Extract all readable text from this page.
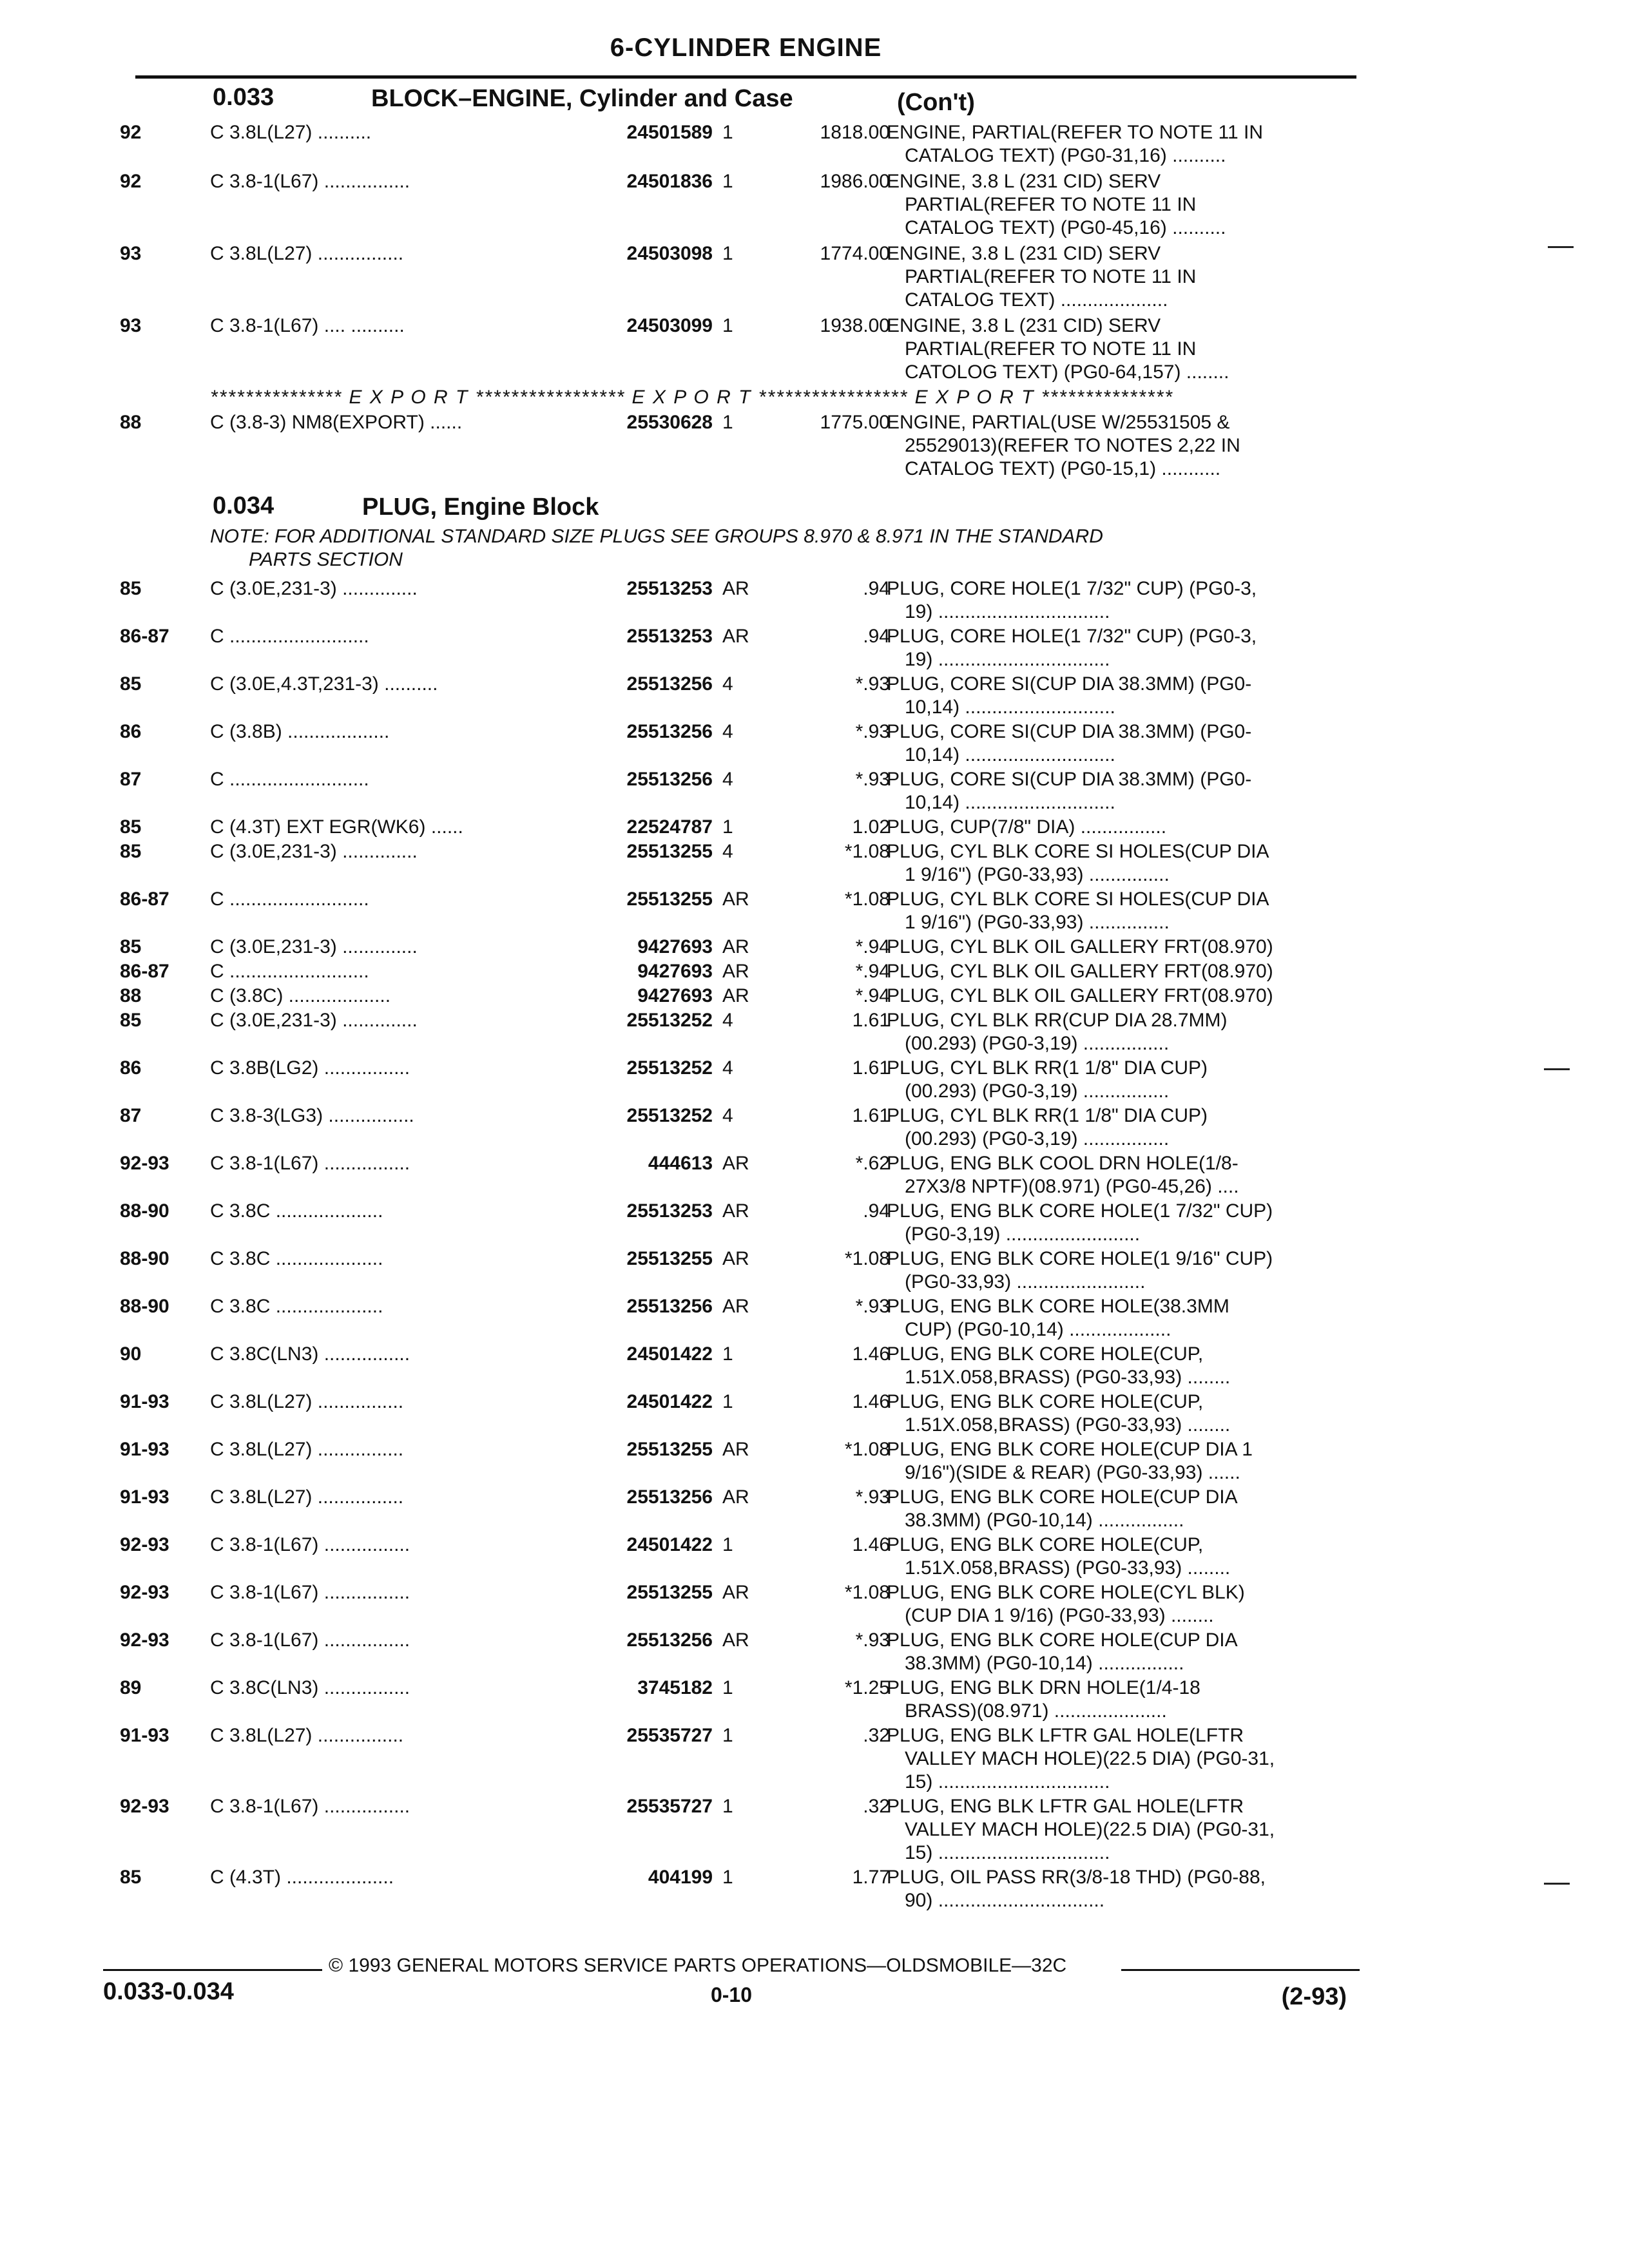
6-CYLINDER ENGINE
0.033	BLOCK–ENGINE, Cylinder and Case	(Con't)
92	C 3.8L(L27) ..........	24501589 1	1818.00
ENGINE, PARTIAL(REFER TO NOTE 11 IN
CATALOG TEXT) (PG0-31,16) ..........
92	C 3.8-1(L67) ................	24501836 1	1986.00
ENGINE, 3.8 L (231 CID) SERV
PARTIAL(REFER TO NOTE 11 IN
CATALOG TEXT) (PG0-45,16) ..........
93	C 3.8L(L27) ................	24503098 1	1774.00
ENGINE, 3.8 L (231 CID) SERV
PARTIAL(REFER TO NOTE 11 IN
CATALOG TEXT) ....................
93	C 3.8-1(L67) .... ..........	24503099 1	1938.00
ENGINE, 3.8 L (231 CID) SERV
PARTIAL(REFER TO NOTE 11 IN
CATOLOG TEXT) (PG0-64,157) ........
*************** E X P O R T ***************** E X P O R T ***************** E X P O R T ***************
88	C (3.8-3) NM8(EXPORT) ......	25530628 1	1775.00
ENGINE, PARTIAL(USE W/25531505 &
25529013)(REFER TO NOTES 2,22 IN
CATALOG TEXT) (PG0-15,1) ...........
0.034	PLUG, Engine Block
NOTE: FOR ADDITIONAL STANDARD SIZE PLUGS SEE GROUPS 8.970 & 8.971 IN THE STANDARD
PARTS SECTION
85	C (3.0E,231-3) ..............	25513253 AR	.94
PLUG, CORE HOLE(1 7/32" CUP) (PG0-3,
19) ................................
86-87	C ..........................	25513253 AR	.94
PLUG, CORE HOLE(1 7/32" CUP) (PG0-3,
19) ................................
85	C (3.0E,4.3T,231-3) ..........	25513256 4	*.93
PLUG, CORE SI(CUP DIA 38.3MM) (PG0-
10,14) ............................
86	C (3.8B) ...................	25513256 4	*.93
PLUG, CORE SI(CUP DIA 38.3MM) (PG0-
10,14) ............................
87	C ..........................	25513256 4	*.93
PLUG, CORE SI(CUP DIA 38.3MM) (PG0-
10,14) ............................
85	C (4.3T) EXT EGR(WK6) ......	22524787 1	1.02
PLUG, CUP(7/8" DIA) ................
85	C (3.0E,231-3) ..............	25513255 4	*1.08
PLUG, CYL BLK CORE SI HOLES(CUP DIA
1 9/16") (PG0-33,93) ...............
86-87	C ..........................	25513255 AR	*1.08
PLUG, CYL BLK CORE SI HOLES(CUP DIA
1 9/16") (PG0-33,93) ...............
85	C (3.0E,231-3) ..............	9427693 AR	*.94
PLUG, CYL BLK OIL GALLERY FRT(08.970)
86-87	C ..........................	9427693 AR	*.94
PLUG, CYL BLK OIL GALLERY FRT(08.970)
88	C (3.8C) ...................	9427693 AR	*.94
PLUG, CYL BLK OIL GALLERY FRT(08.970)
85	C (3.0E,231-3) ..............	25513252 4	1.61
PLUG, CYL BLK RR(CUP DIA 28.7MM)
(00.293) (PG0-3,19) ................
86	C 3.8B(LG2) ................	25513252 4	1.61
PLUG, CYL BLK RR(1 1/8" DIA CUP)
(00.293) (PG0-3,19) ................
87	C 3.8-3(LG3) ................	25513252 4	1.61
PLUG, CYL BLK RR(1 1/8" DIA CUP)
(00.293) (PG0-3,19) ................
92-93	C 3.8-1(L67) ................	444613 AR	*.62
PLUG, ENG BLK COOL DRN HOLE(1/8-
27X3/8 NPTF)(08.971) (PG0-45,26) ....
88-90	C 3.8C ....................	25513253 AR	.94
PLUG, ENG BLK CORE HOLE(1 7/32" CUP)
(PG0-3,19) .........................
88-90	C 3.8C ....................	25513255 AR	*1.08
PLUG, ENG BLK CORE HOLE(1 9/16" CUP)
(PG0-33,93) ........................
88-90	C 3.8C ....................	25513256 AR	*.93
PLUG, ENG BLK CORE HOLE(38.3MM
CUP) (PG0-10,14) ...................
90	C 3.8C(LN3) ................	24501422 1	1.46
PLUG, ENG BLK CORE HOLE(CUP,
1.51X.058,BRASS) (PG0-33,93) ........
91-93	C 3.8L(L27) ................	24501422 1	1.46
PLUG, ENG BLK CORE HOLE(CUP,
1.51X.058,BRASS) (PG0-33,93) ........
91-93	C 3.8L(L27) ................	25513255 AR	*1.08
PLUG, ENG BLK CORE HOLE(CUP DIA 1
9/16")(SIDE & REAR) (PG0-33,93) ......
91-93	C 3.8L(L27) ................	25513256 AR	*.93
PLUG, ENG BLK CORE HOLE(CUP DIA
38.3MM) (PG0-10,14) ................
92-93	C 3.8-1(L67) ................	24501422 1	1.46
PLUG, ENG BLK CORE HOLE(CUP,
1.51X.058,BRASS) (PG0-33,93) ........
92-93	C 3.8-1(L67) ................	25513255 AR	*1.08
PLUG, ENG BLK CORE HOLE(CYL BLK)
(CUP DIA 1 9/16) (PG0-33,93) ........
92-93	C 3.8-1(L67) ................	25513256 AR	*.93
PLUG, ENG BLK CORE HOLE(CUP DIA
38.3MM) (PG0-10,14) ................
89	C 3.8C(LN3) ................	3745182 1	*1.25
PLUG, ENG BLK DRN HOLE(1/4-18
BRASS)(08.971) .....................
91-93	C 3.8L(L27) ................	25535727 1	.32
PLUG, ENG BLK LFTR GAL HOLE(LFTR
VALLEY MACH HOLE)(22.5 DIA) (PG0-31,
15) ................................
92-93	C 3.8-1(L67) ................	25535727 1	.32
PLUG, ENG BLK LFTR GAL HOLE(LFTR
VALLEY MACH HOLE)(22.5 DIA) (PG0-31,
15) ................................
85	C (4.3T) ....................	404199 1	1.77
PLUG, OIL PASS RR(3/8-18 THD) (PG0-88,
90) ...............................
© 1993 GENERAL MOTORS SERVICE PARTS OPERATIONS—OLDSMOBILE—32C
0.033-0.034	0-10	(2-93)
